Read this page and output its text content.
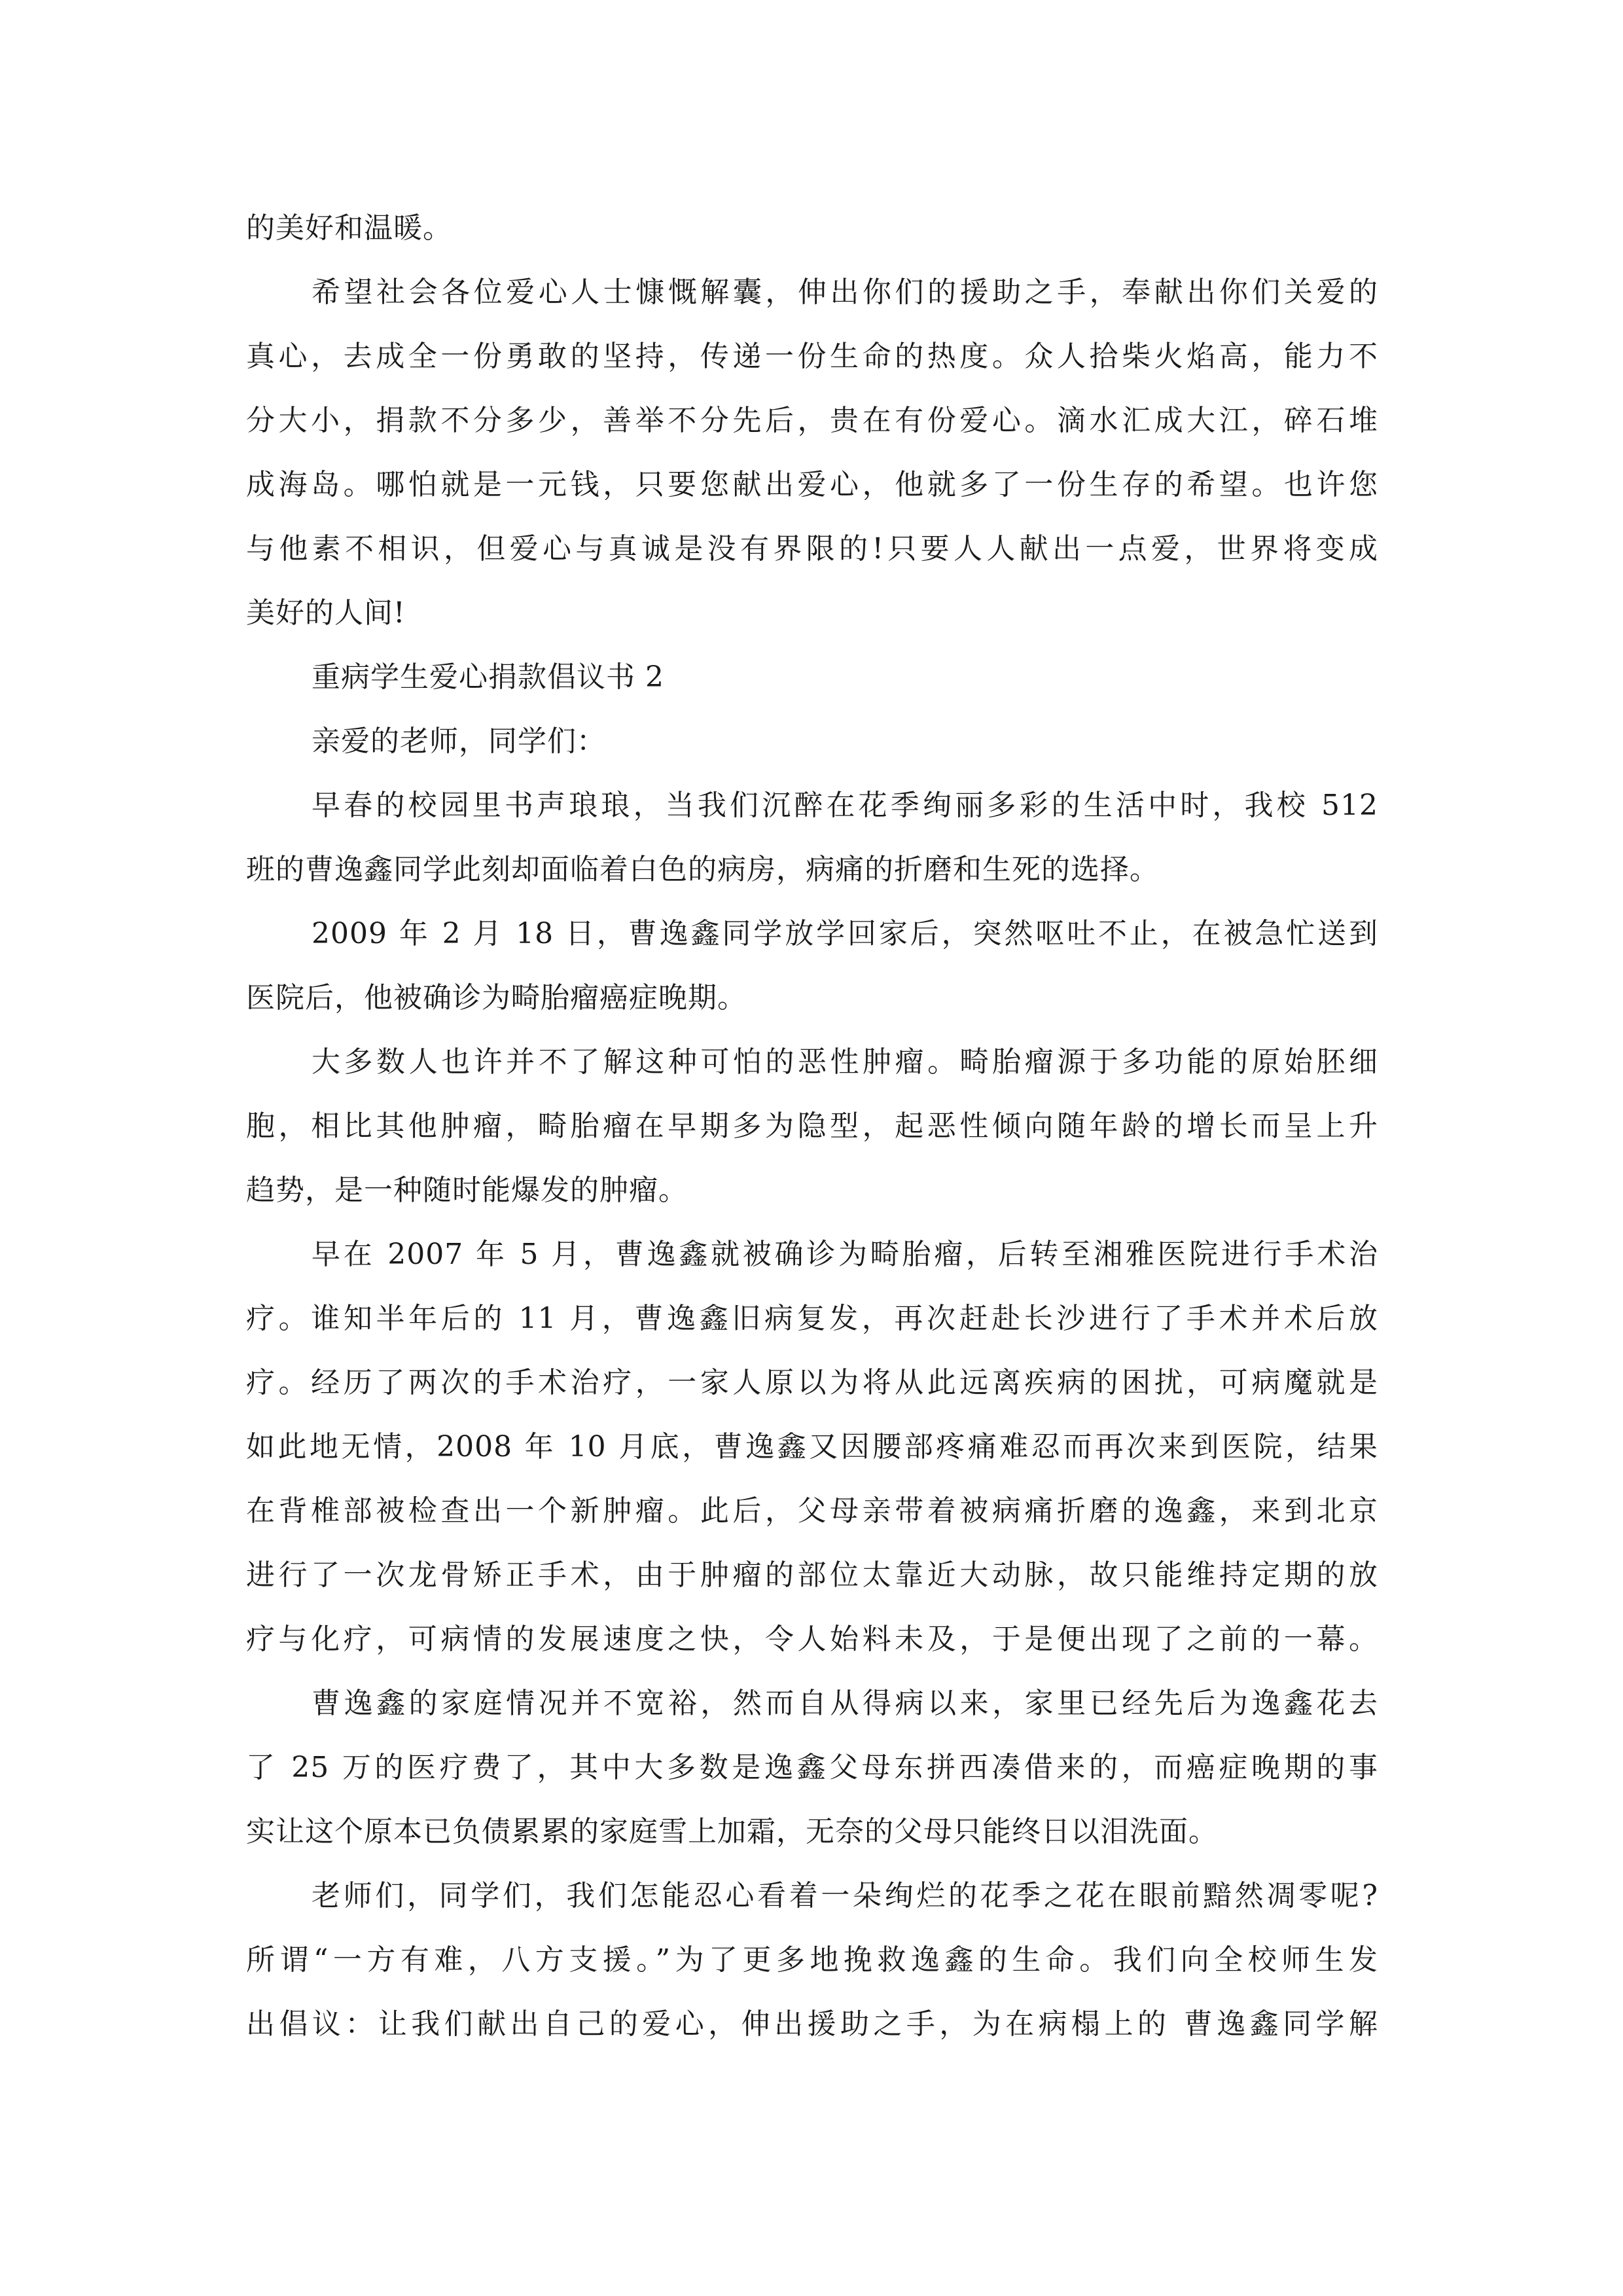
的美好和温暖。
希望社会各位爱心人士慷慨解囊，伸出你们的援助之手，奉献出你们关爱的
真心，去成全一份勇敢的坚持，传递一份生命的热度。众人拾柴火焰高，能力不
分大小，捐款不分多少，善举不分先后，贵在有份爱心。滴水汇成大江，碎石堆
成海岛。哪怕就是一元钱，只要您献出爱心，他就多了一份生存的希望。也许您
与他素不相识，但爱心与真诚是没有界限的!只要人人献出一点爱，世界将变成
美好的人间!
重病学生爱心捐款倡议书 2
亲爱的老师，同学们：
早春的校园里书声琅琅，当我们沉醉在花季绚丽多彩的生活中时，我校 512
班的曹逸鑫同学此刻却面临着白色的病房，病痛的折磨和生死的选择。
2009 年 2 月 18 日，曹逸鑫同学放学回家后，突然呕吐不止，在被急忙送到
医院后，他被确诊为畸胎瘤癌症晚期。
大多数人也许并不了解这种可怕的恶性肿瘤。畸胎瘤源于多功能的原始胚细
胞，相比其他肿瘤，畸胎瘤在早期多为隐型，起恶性倾向随年龄的增长而呈上升
趋势，是一种随时能爆发的肿瘤。
早在 2007 年 5 月，曹逸鑫就被确诊为畸胎瘤，后转至湘雅医院进行手术治
疗。谁知半年后的 11 月，曹逸鑫旧病复发，再次赶赴长沙进行了手术并术后放
疗。经历了两次的手术治疗，一家人原以为将从此远离疾病的困扰，可病魔就是
如此地无情，2008 年 10 月底，曹逸鑫又因腰部疼痛难忍而再次来到医院，结果
在背椎部被检查出一个新肿瘤。此后，父母亲带着被病痛折磨的逸鑫，来到北京
进行了一次龙骨矫正手术，由于肿瘤的部位太靠近大动脉，故只能维持定期的放
疗与化疗，可病情的发展速度之快，令人始料未及，于是便出现了之前的一幕。
曹逸鑫的家庭情况并不宽裕，然而自从得病以来，家里已经先后为逸鑫花去
了 25 万的医疗费了，其中大多数是逸鑫父母东拼西凑借来的，而癌症晚期的事
实让这个原本已负债累累的家庭雪上加霜，无奈的父母只能终日以泪洗面。
老师们，同学们，我们怎能忍心看着一朵绚烂的花季之花在眼前黯然凋零呢?
所谓“一方有难，八方支援。”为了更多地挽救逸鑫的生命。我们向全校师生发
出倡议：让我们献出自己的爱心，伸出援助之手，为在病榻上的 曹逸鑫同学解
